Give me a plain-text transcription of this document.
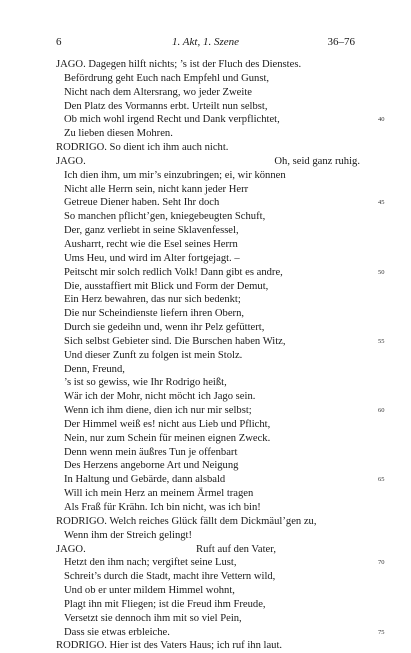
6	1. Akt, 1. Szene	36–76
JAGO. Dagegen hilft nichts; ’s ist der Fluch des Dienstes.
Befördrung geht Euch nach Empfehl und Gunst,
Nicht nach dem Altersrang, wo jeder Zweite
Den Platz des Vormanns erbt. Urteilt nun selbst,
Ob mich wohl irgend Recht und Dank verpflichtet,	40
Zu lieben diesen Mohren.
RODRIGO. So dient ich ihm auch nicht.
JAGO.	Oh, seid ganz ruhig.
Ich dien ihm, um mir’s einzubringen; ei, wir können
Nicht alle Herrn sein, nicht kann jeder Herr
Getreue Diener haben. Seht Ihr doch	45
So manchen pflicht’gen, kniegebeugten Schuft,
Der, ganz verliebt in seine Sklavenfessel,
Ausharrt, recht wie die Esel seines Herrn
Ums Heu, und wird im Alter fortgejagt. –
Peitscht mir solch redlich Volk! Dann gibt es andre,	50
Die, ausstaffiert mit Blick und Form der Demut,
Ein Herz bewahren, das nur sich bedenkt;
Die nur Scheindienste liefern ihren Obern,
Durch sie gedeihn und, wenn ihr Pelz gefüttert,
Sich selbst Gebieter sind. Die Burschen haben Witz,	55
Und dieser Zunft zu folgen ist mein Stolz.
Denn, Freund,
’s ist so gewiss, wie Ihr Rodrigo heißt,
Wär ich der Mohr, nicht möcht ich Jago sein.
Wenn ich ihm diene, dien ich nur mir selbst;	60
Der Himmel weiß es! nicht aus Lieb und Pflicht,
Nein, nur zum Schein für meinen eignen Zweck.
Denn wenn mein äußres Tun je offenbart
Des Herzens angeborne Art und Neigung
In Haltung und Gebärde, dann alsbald	65
Will ich mein Herz an meinem Ärmel tragen
Als Fraß für Krähn. Ich bin nicht, was ich bin!
RODRIGO. Welch reiches Glück fällt dem Dickmäul’gen zu,
Wenn ihm der Streich gelingt!
JAGO.	Ruft auf den Vater,
Hetzt den ihm nach; vergiftet seine Lust,	70
Schreit’s durch die Stadt, macht ihre Vettern wild,
Und ob er unter mildem Himmel wohnt,
Plagt ihn mit Fliegen; ist die Freud ihm Freude,
Versetzt sie dennoch ihm mit so viel Pein,
Dass sie etwas erbleiche.	75
RODRIGO. Hier ist des Vaters Haus; ich ruf ihn laut.
